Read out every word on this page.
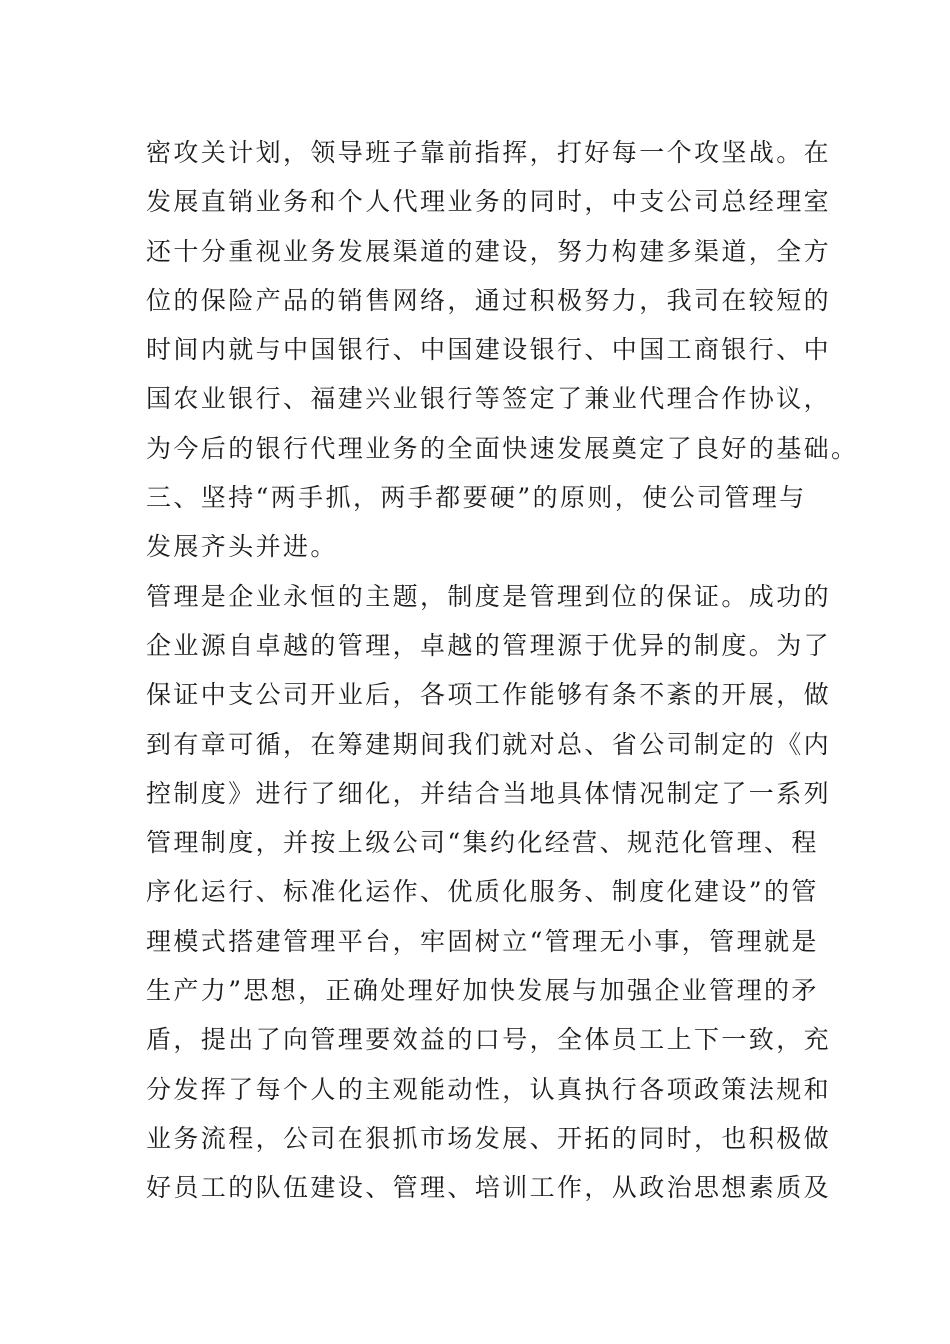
密攻关计划，领导班子靠前指挥，打好每一个攻坚战。在
发展直销业务和个人代理业务的同时，中支公司总经理室
还十分重视业务发展渠道的建设，努力构建多渠道，全方
位的保险产品的销售网络，通过积极努力，我司在较短的
时间内就与中国银行、中国建设银行、中国工商银行、中
国农业银行、福建兴业银行等签定了兼业代理合作协议，
为今后的银行代理业务的全面快速发展奠定了良好的基础。
三、坚持“两手抓，两手都要硬”的原则，使公司管理与
发展齐头并进。
管理是企业永恒的主题，制度是管理到位的保证。成功的
企业源自卓越的管理，卓越的管理源于优异的制度。为了
保证中支公司开业后，各项工作能够有条不紊的开展，做
到有章可循，在筹建期间我们就对总、省公司制定的《内
控制度》进行了细化，并结合当地具体情况制定了一系列
管理制度，并按上级公司“集约化经营、规范化管理、程
序化运行、标准化运作、优质化服务、制度化建设”的管
理模式搭建管理平台，牢固树立“管理无小事，管理就是
生产力”思想，正确处理好加快发展与加强企业管理的矛
盾，提出了向管理要效益的口号，全体员工上下一致，充
分发挥了每个人的主观能动性，认真执行各项政策法规和
业务流程，公司在狠抓市场发展、开拓的同时，也积极做
好员工的队伍建设、管理、培训工作，从政治思想素质及
